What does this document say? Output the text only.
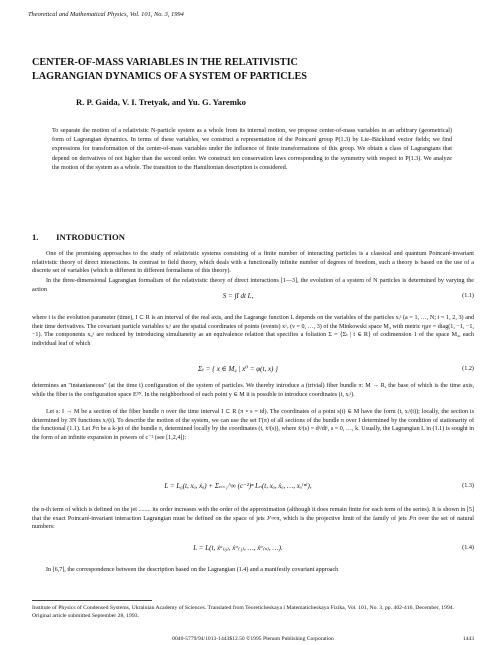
Theoretical and Mathematical Physics, Vol. 101, No. 3, 1994
CENTER-OF-MASS VARIABLES IN THE RELATIVISTIC
LAGRANGIAN DYNAMICS OF A SYSTEM OF PARTICLES
R. P. Gaida, V. I. Tretyak, and Yu. G. Yaremko
To separate the motion of a relativistic N-particle system as a whole from its internal motion, we propose center-of-mass variables in an arbitrary (geometrical) form of Lagrangian dynamics. In terms of these variables, we construct a representation of the Poincaré group P(1.3) by Lie–Bäcklund vector fields; we find expressions for transformation of the center-of-mass variables under the influence of finite transformations of this group. We obtain a class of Lagrangians that depend on derivatives of not higher than the second order. We construct ten conservation laws corresponding to the symmetry with respect to P(1.3). We analyze the motion of the system as a whole. The transition to the Hamiltonian description is considered.
1. INTRODUCTION
One of the promising approaches to the study of relativistic systems consisting of a finite number of interacting particles is a classical and quantum Poincaré-invariant relativistic theory of direct interactions. In contrast to field theory, which deals with a functionally infinite number of degrees of freedom, such a theory is based on the use of a discrete set of variables (which is different in different formalisms of this theory).
In the three-dimensional Lagrangian formalism of the relativistic theory of direct interactions [1—3], the evolution of a system of N particles is determined by varying the action
S = ∫I dt L,	(1.1)
where t is the evolution parameter (time), I ⊂ R is an interval of the real axis, and the Lagrange function L depends on the variables of the particles xᵢᵃ (a = 1, …, N; i = 1, 2, 3) and their time derivatives. The covariant particle variables xᵢᵃ are the spatial coordinates of points (events) xᵃᵥ (ν = 0, …, 3) of the Minkowski space M₄ with metric ημν = diag(1, −1, −1, −1). The components x₀ᵃ are reduced by introducing simultaneity as an equivalence relation that specifies a foliation Σ = {Σₜ | t ∈ R} of codimension 1 of the space M₄, each individual leaf of which
Σₜ = { x ∈ M₄ | x⁰ = φ(t, x) }	(1.2)
determines an "instantaneous" (at the time t) configuration of the system of particles. We thereby introduce a (trivial) fiber bundle π: M → R, the base of which is the time axis, while the fiber is the configuration space E³ᴺ. In the neighborhood of each point y ∈ M it is possible to introduce coordinates (t, xᵢᵃ).
Let s: I → M be a section of the fiber bundle π over the time interval I ⊂ R (π ∘ s = id). The coordinates of a point s(t) ∈ M have the form (t, xᵢᵃ(t)); locally, the section is determined by 3N functions xᵢᵃ(t). To describe the motion of the system, we can use the set Γ(π) of all sections of the bundle π over I determined by the condition of stationarity of the functional (1.1). Let Jᵏπ be a k-jet of the bundle π, determined locally by the coordinates (t, ẋᵃ(s)), where ẋᵃ(s) = dˢ/dtˢ, s = 0, …, k. Usually, the Lagrangian L in (1.1) is sought in the form of an infinite expansion in powers of c⁻² (see [1,2,4]):
L = L₀(t, xₐ, ẋₐ) + Σₙ₌₁^∞ (c⁻²)ⁿ Lₙ(t, xₐ, ẋₐ, …, xₐ⁽ⁿ⁾),	(1.3)
the n-th term of which is defined on the jet ........ its order increases with the order of the approximation (although it does remain finite for each term of the series). It is shown in [5] that the exact Poincaré-invariant interaction Lagrangian must be defined on the space of jets J^∞π, which is the projective limit of the family of jets Jᵏπ over the set of natural numbers:
L = L(t, ẋᵃ₍₀₎, ẋᵃ₍₁₎, …, ẋᵃ₍ₛ₎, …).	(1.4)
In [6,7], the correspondence between the description based on the Lagrangian (1.4) and a manifestly covariant approach
Institute of Physics of Condensed Systems, Ukrainian Academy of Sciences. Translated from Teoreticheskaya i Matematicheskaya Fizika, Vol. 101, No. 3, pp. 402-416, December, 1994. Original article submitted September 28, 1993.
0040-5779/94/1013-1443$12.50 ©1995 Plenum Publishing Corporation	1443
